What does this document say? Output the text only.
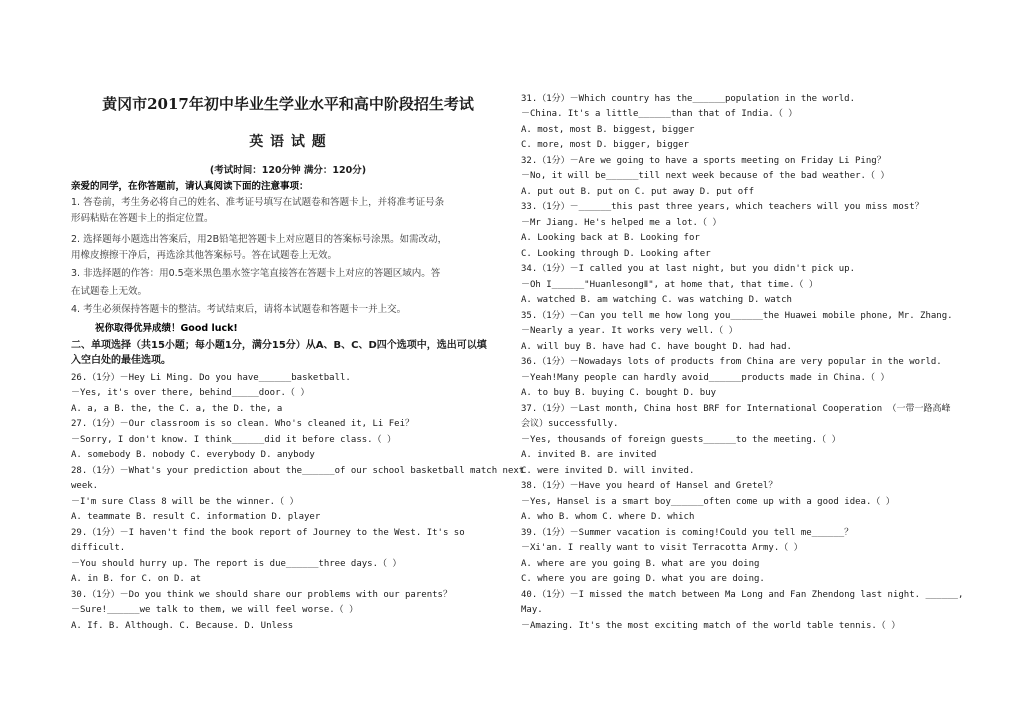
黄冈市2017年初中毕业生学业水平和高中阶段招生考试
英 语 试 题
(考试时间：120分钟 满分：120分)
亲爱的同学，在你答题前，请认真阅读下面的注意事项：
1. 答卷前，考生务必将自己的姓名、准考证号填写在试题卷和答题卡上，并将准考证号条
形码粘贴在答题卡上的指定位置。
2. 选择题每小题选出答案后，用2B铅笔把答题卡上对应题目的答案标号涂黑。如需改动，
用橡皮擦擦干净后，再选涂其他答案标号。答在试题卷上无效。
3. 非选择题的作答：用0.5毫米黑色墨水签字笔直接答在答题卡上对应的答题区域内。答
在试题卷上无效。
4. 考生必须保持答题卡的整洁。考试结束后，请将本试题卷和答题卡一并上交。
祝你取得优异成绩！Good luck!
二、单项选择（共15小题；每小题1分，满分15分）从A、B、C、D四个选项中，选出可以填
入空白处的最佳选项。
26.（1分）－Hey Li Ming. Do you have______basketball.
－Yes, it's over there, behind_____door.（ ）
A. a, a B. the, the C. a, the D. the, a
27.（1分）－Our classroom is so clean. Who's cleaned it, Li Fei？
－Sorry, I don't know. I think______did it before class.（ ）
A. somebody B. nobody C. everybody D. anybody
28.（1分）－What's your prediction about the______of our school basketball match next
week.
－I'm sure Class 8 will be the winner.（ ）
A. teammate B. result C. information D. player
29.（1分）－I haven't find the book report of Journey to the West. It's so
difficult.
－You should hurry up. The report is due______three days.（ ）
A. in B. for C. on D. at
30.（1分）－Do you think we should share our problems with our parents？
－Sure!______we talk to them, we will feel worse.（ ）
A. If. B. Although. C. Because. D. Unless
31.（1分）－Which country has the______population in the world.
－China. It's a little______than that of India.（ ）
A. most, most B. biggest, bigger
C. more, most D. bigger, bigger
32.（1分）－Are we going to have a sports meeting on Friday Li Ping？
－No, it will be______till next week because of the bad weather.（ ）
A. put out B. put on C. put away D. put off
33.（1分）－______this past three years, which teachers will you miss most？
－Mr Jiang. He's helped me a lot.（ ）
A. Looking back at B. Looking for
C. Looking through D. Looking after
34.（1分）－I called you at last night, but you didn't pick up.
－Oh I______"HuanlesongⅡ", at home that, that time.（ ）
A. watched B. am watching C. was watching D. watch
35.（1分）－Can you tell me how long you______the Huawei mobile phone, Mr. Zhang.
－Nearly a year. It works very well.（ ）
A. will buy B. have had C. have bought D. had had.
36.（1分）－Nowadays lots of products from China are very popular in the world.
－Yeah!Many people can hardly avoid______products made in China.（ ）
A. to buy B. buying C. bought D. buy
37.（1分）－Last month, China host BRF for International Cooperation （一带一路高峰
会议）successfully.
－Yes, thousands of foreign guests______to the meeting.（ ）
A. invited B. are invited
C. were invited D. will invited.
38.（1分）－Have you heard of Hansel and Gretel？
－Yes, Hansel is a smart boy______often come up with a good idea.（ ）
A. who B. whom C. where D. which
39.（1分）－Summer vacation is coming!Could you tell me______？
－Xi'an. I really want to visit Terracotta Army.（ ）
A. where are you going B. what are you doing
C. where you are going D. what you are doing.
40.（1分）－I missed the match between Ma Long and Fan Zhendong last night. ______,
May.
－Amazing. It's the most exciting match of the world table tennis.（ ）
